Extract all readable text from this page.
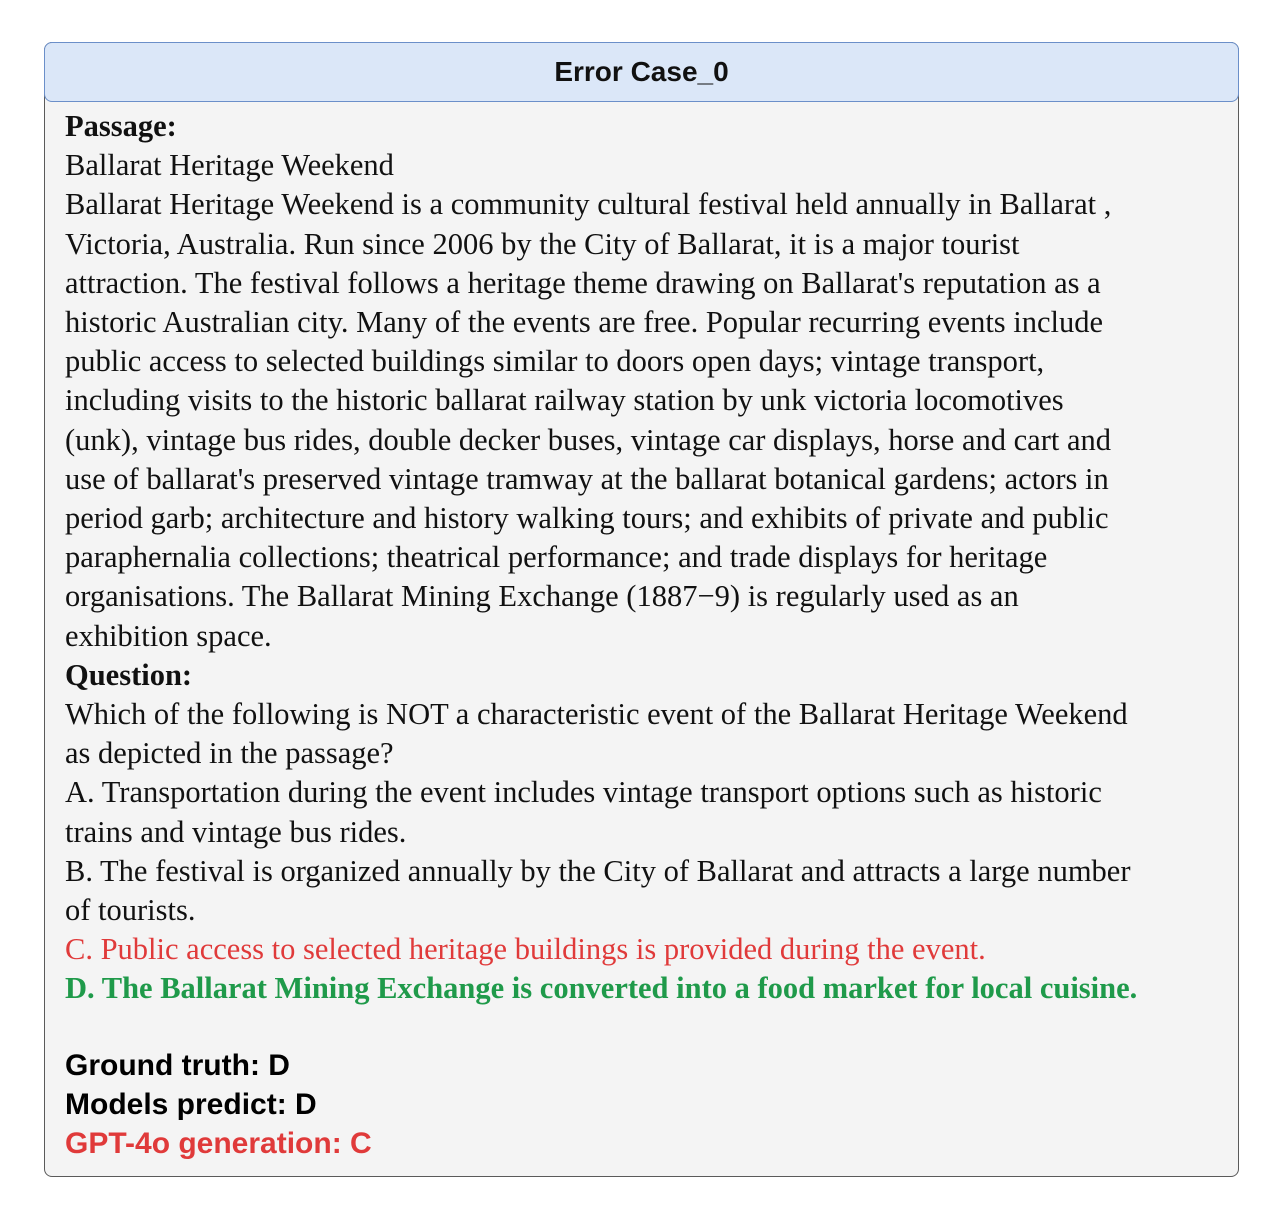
Error Case_0
Passage:
Ballarat Heritage Weekend
Ballarat Heritage Weekend is a community cultural festival held annually in Ballarat ,
Victoria, Australia. Run since 2006 by the City of Ballarat, it is a major tourist
attraction. The festival follows a heritage theme drawing on Ballarat's reputation as a
historic Australian city. Many of the events are free. Popular recurring events include
public access to selected buildings similar to doors open days; vintage transport,
including visits to the historic ballarat railway station by unk victoria locomotives
(unk), vintage bus rides, double decker buses, vintage car displays, horse and cart and
use of ballarat's preserved vintage tramway at the ballarat botanical gardens; actors in
period garb; architecture and history walking tours; and exhibits of private and public
paraphernalia collections; theatrical performance; and trade displays for heritage
organisations. The Ballarat Mining Exchange (1887−9) is regularly used as an
exhibition space.
Question:
Which of the following is NOT a characteristic event of the Ballarat Heritage Weekend
as depicted in the passage?
A. Transportation during the event includes vintage transport options such as historic
trains and vintage bus rides.
B. The festival is organized annually by the City of Ballarat and attracts a large number
of tourists.
C. Public access to selected heritage buildings is provided during the event.
D. The Ballarat Mining Exchange is converted into a food market for local cuisine.
Ground truth: D
Models predict: D
GPT-4o generation: C
